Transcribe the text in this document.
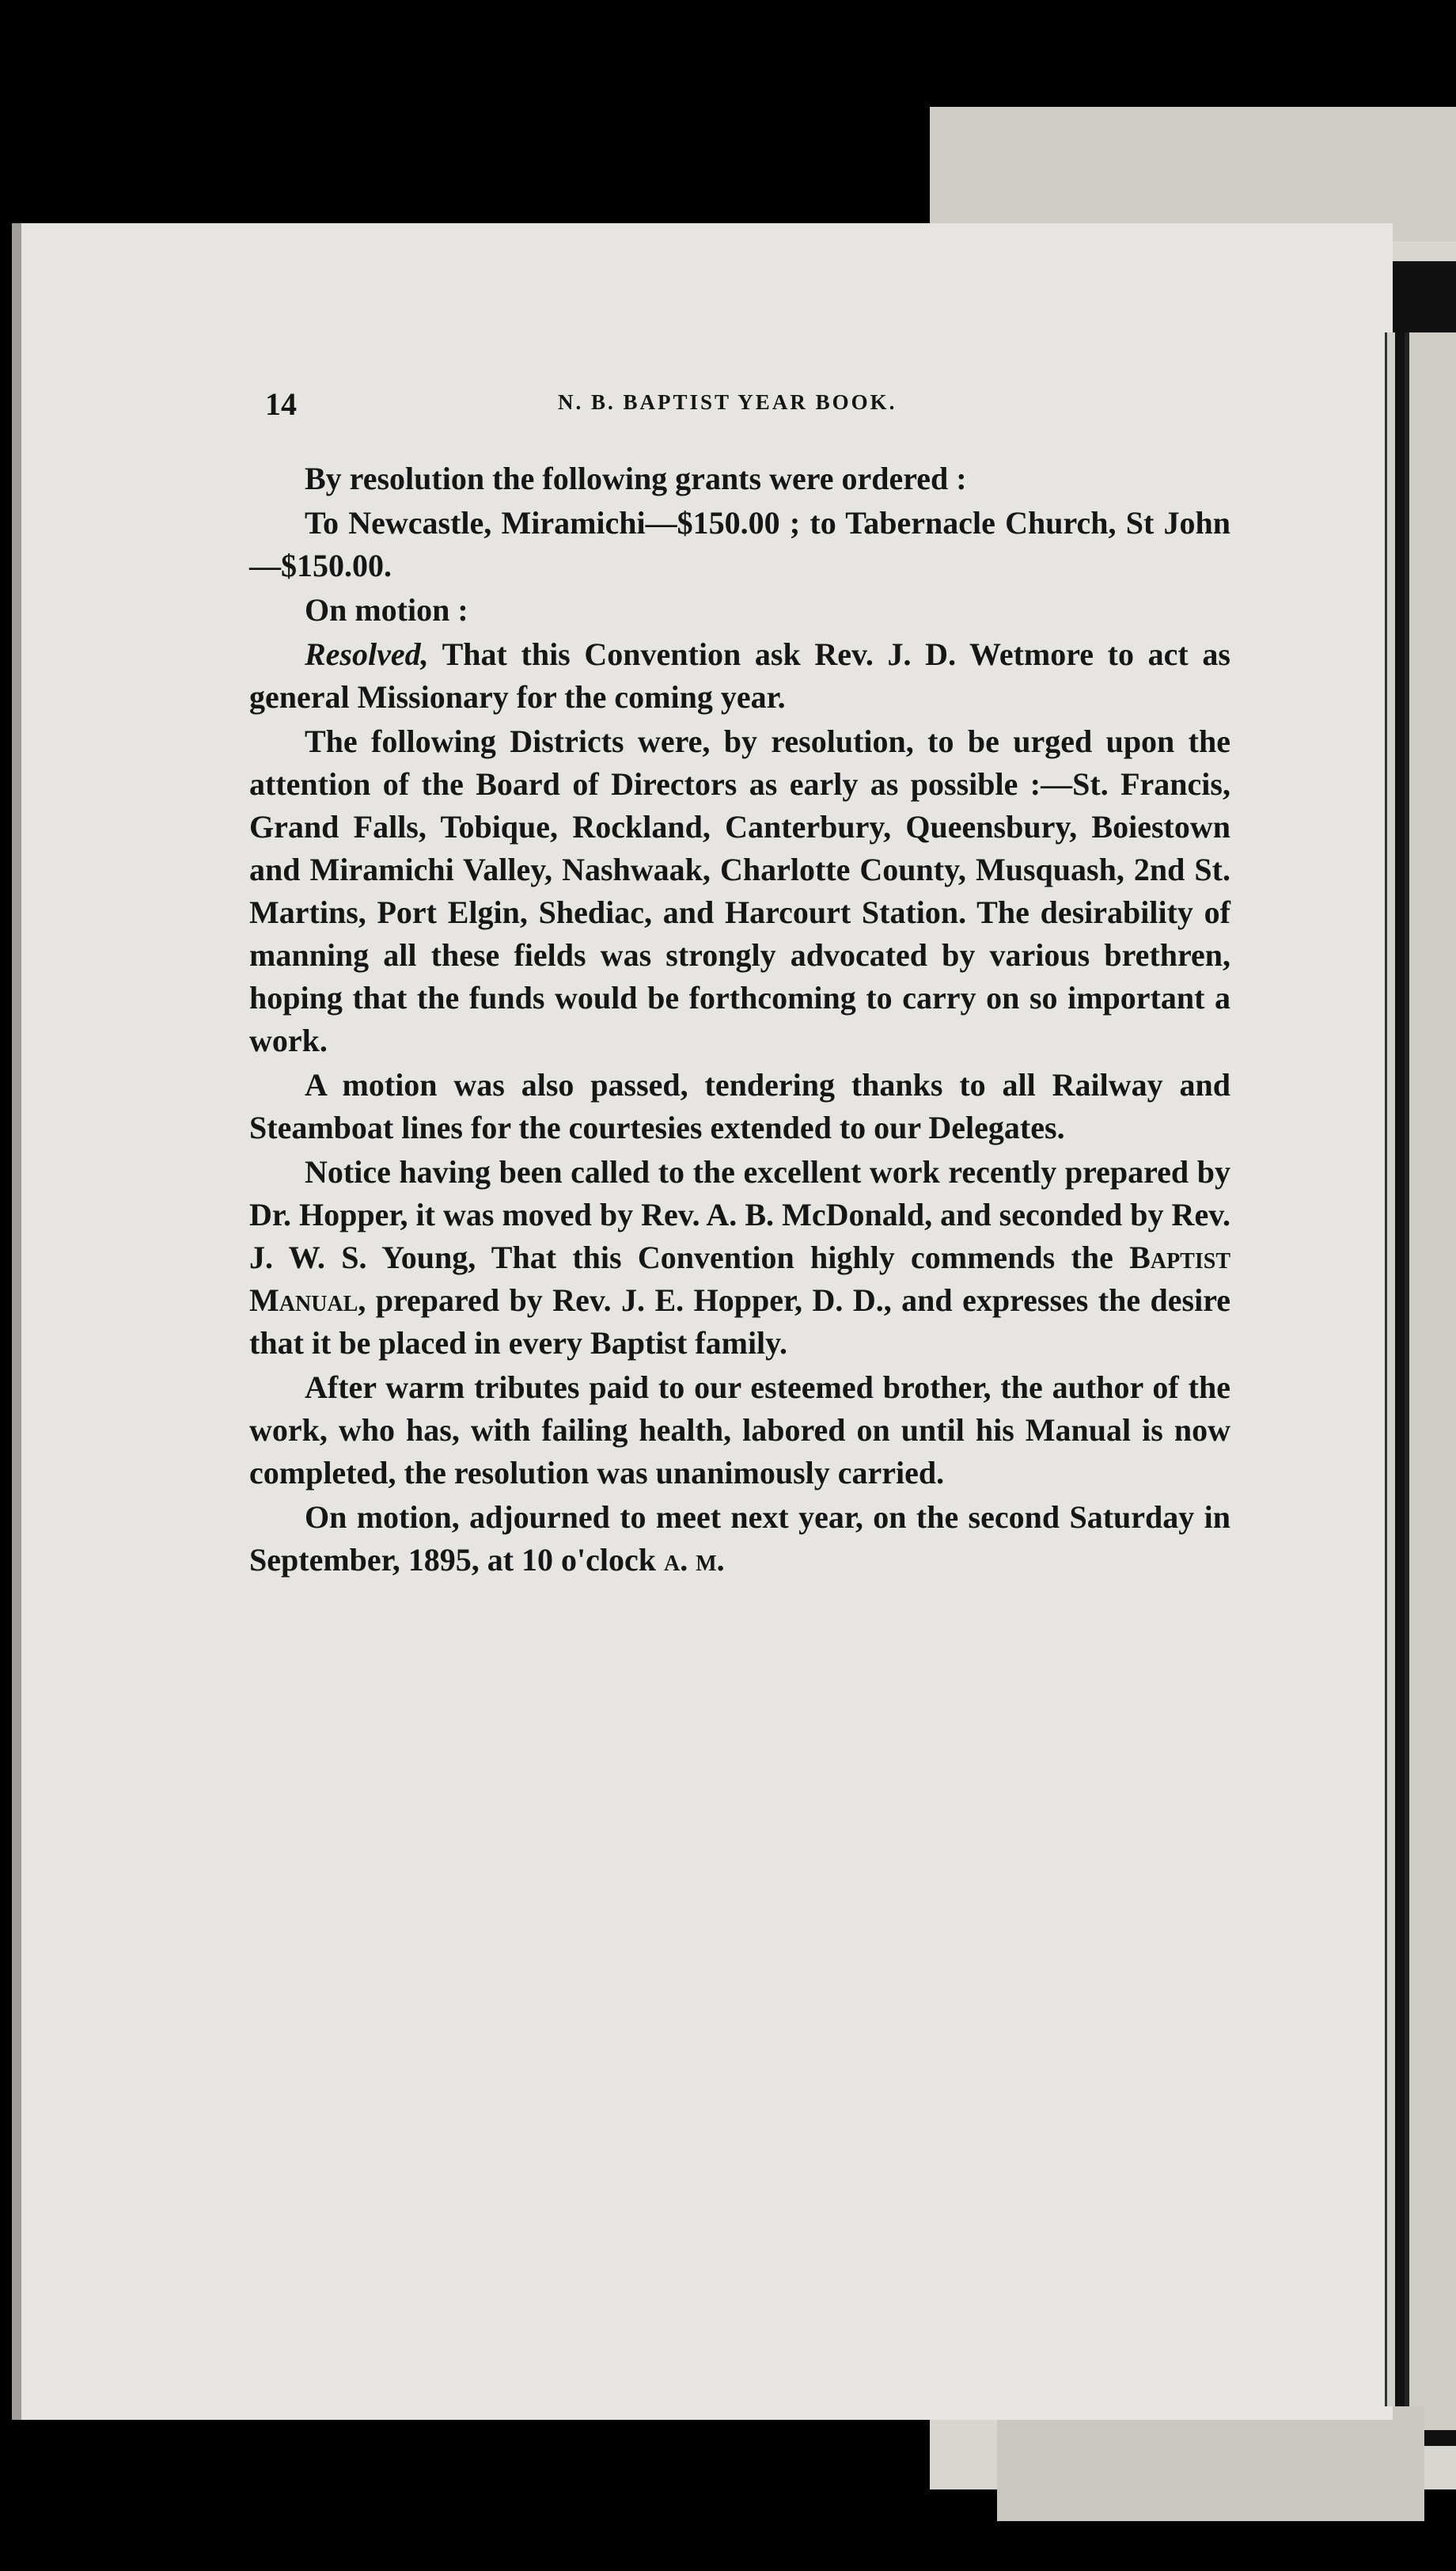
14	N. B. BAPTIST YEAR BOOK.

By resolution the following grants were ordered :

To Newcastle, Miramichi—$150.00 ; to Tabernacle Church, St John—$150.00.

On motion :

Resolved, That this Convention ask Rev. J. D. Wetmore to act as general Missionary for the coming year.

The following Districts were, by resolution, to be urged upon the attention of the Board of Directors as early as possible :—St. Francis, Grand Falls, Tobique, Rockland, Canterbury, Queensbury, Boiestown and Miramichi Valley, Nashwaak, Charlotte County, Musquash, 2nd St. Martins, Port Elgin, Shediac, and Harcourt Station. The desirability of manning all these fields was strongly advocated by various brethren, hoping that the funds would be forthcoming to carry on so important a work.

A motion was also passed, tendering thanks to all Railway and Steamboat lines for the courtesies extended to our Delegates.

Notice having been called to the excellent work recently prepared by Dr. Hopper, it was moved by Rev. A. B. McDonald, and seconded by Rev. J. W. S. Young, That this Convention highly commends the Baptist Manual, prepared by Rev. J. E. Hopper, D. D., and expresses the desire that it be placed in every Baptist family.

After warm tributes paid to our esteemed brother, the author of the work, who has, with failing health, labored on until his Manual is now completed, the resolution was unanimously carried.

On motion, adjourned to meet next year, on the second Saturday in September, 1895, at 10 o'clock a. m.
